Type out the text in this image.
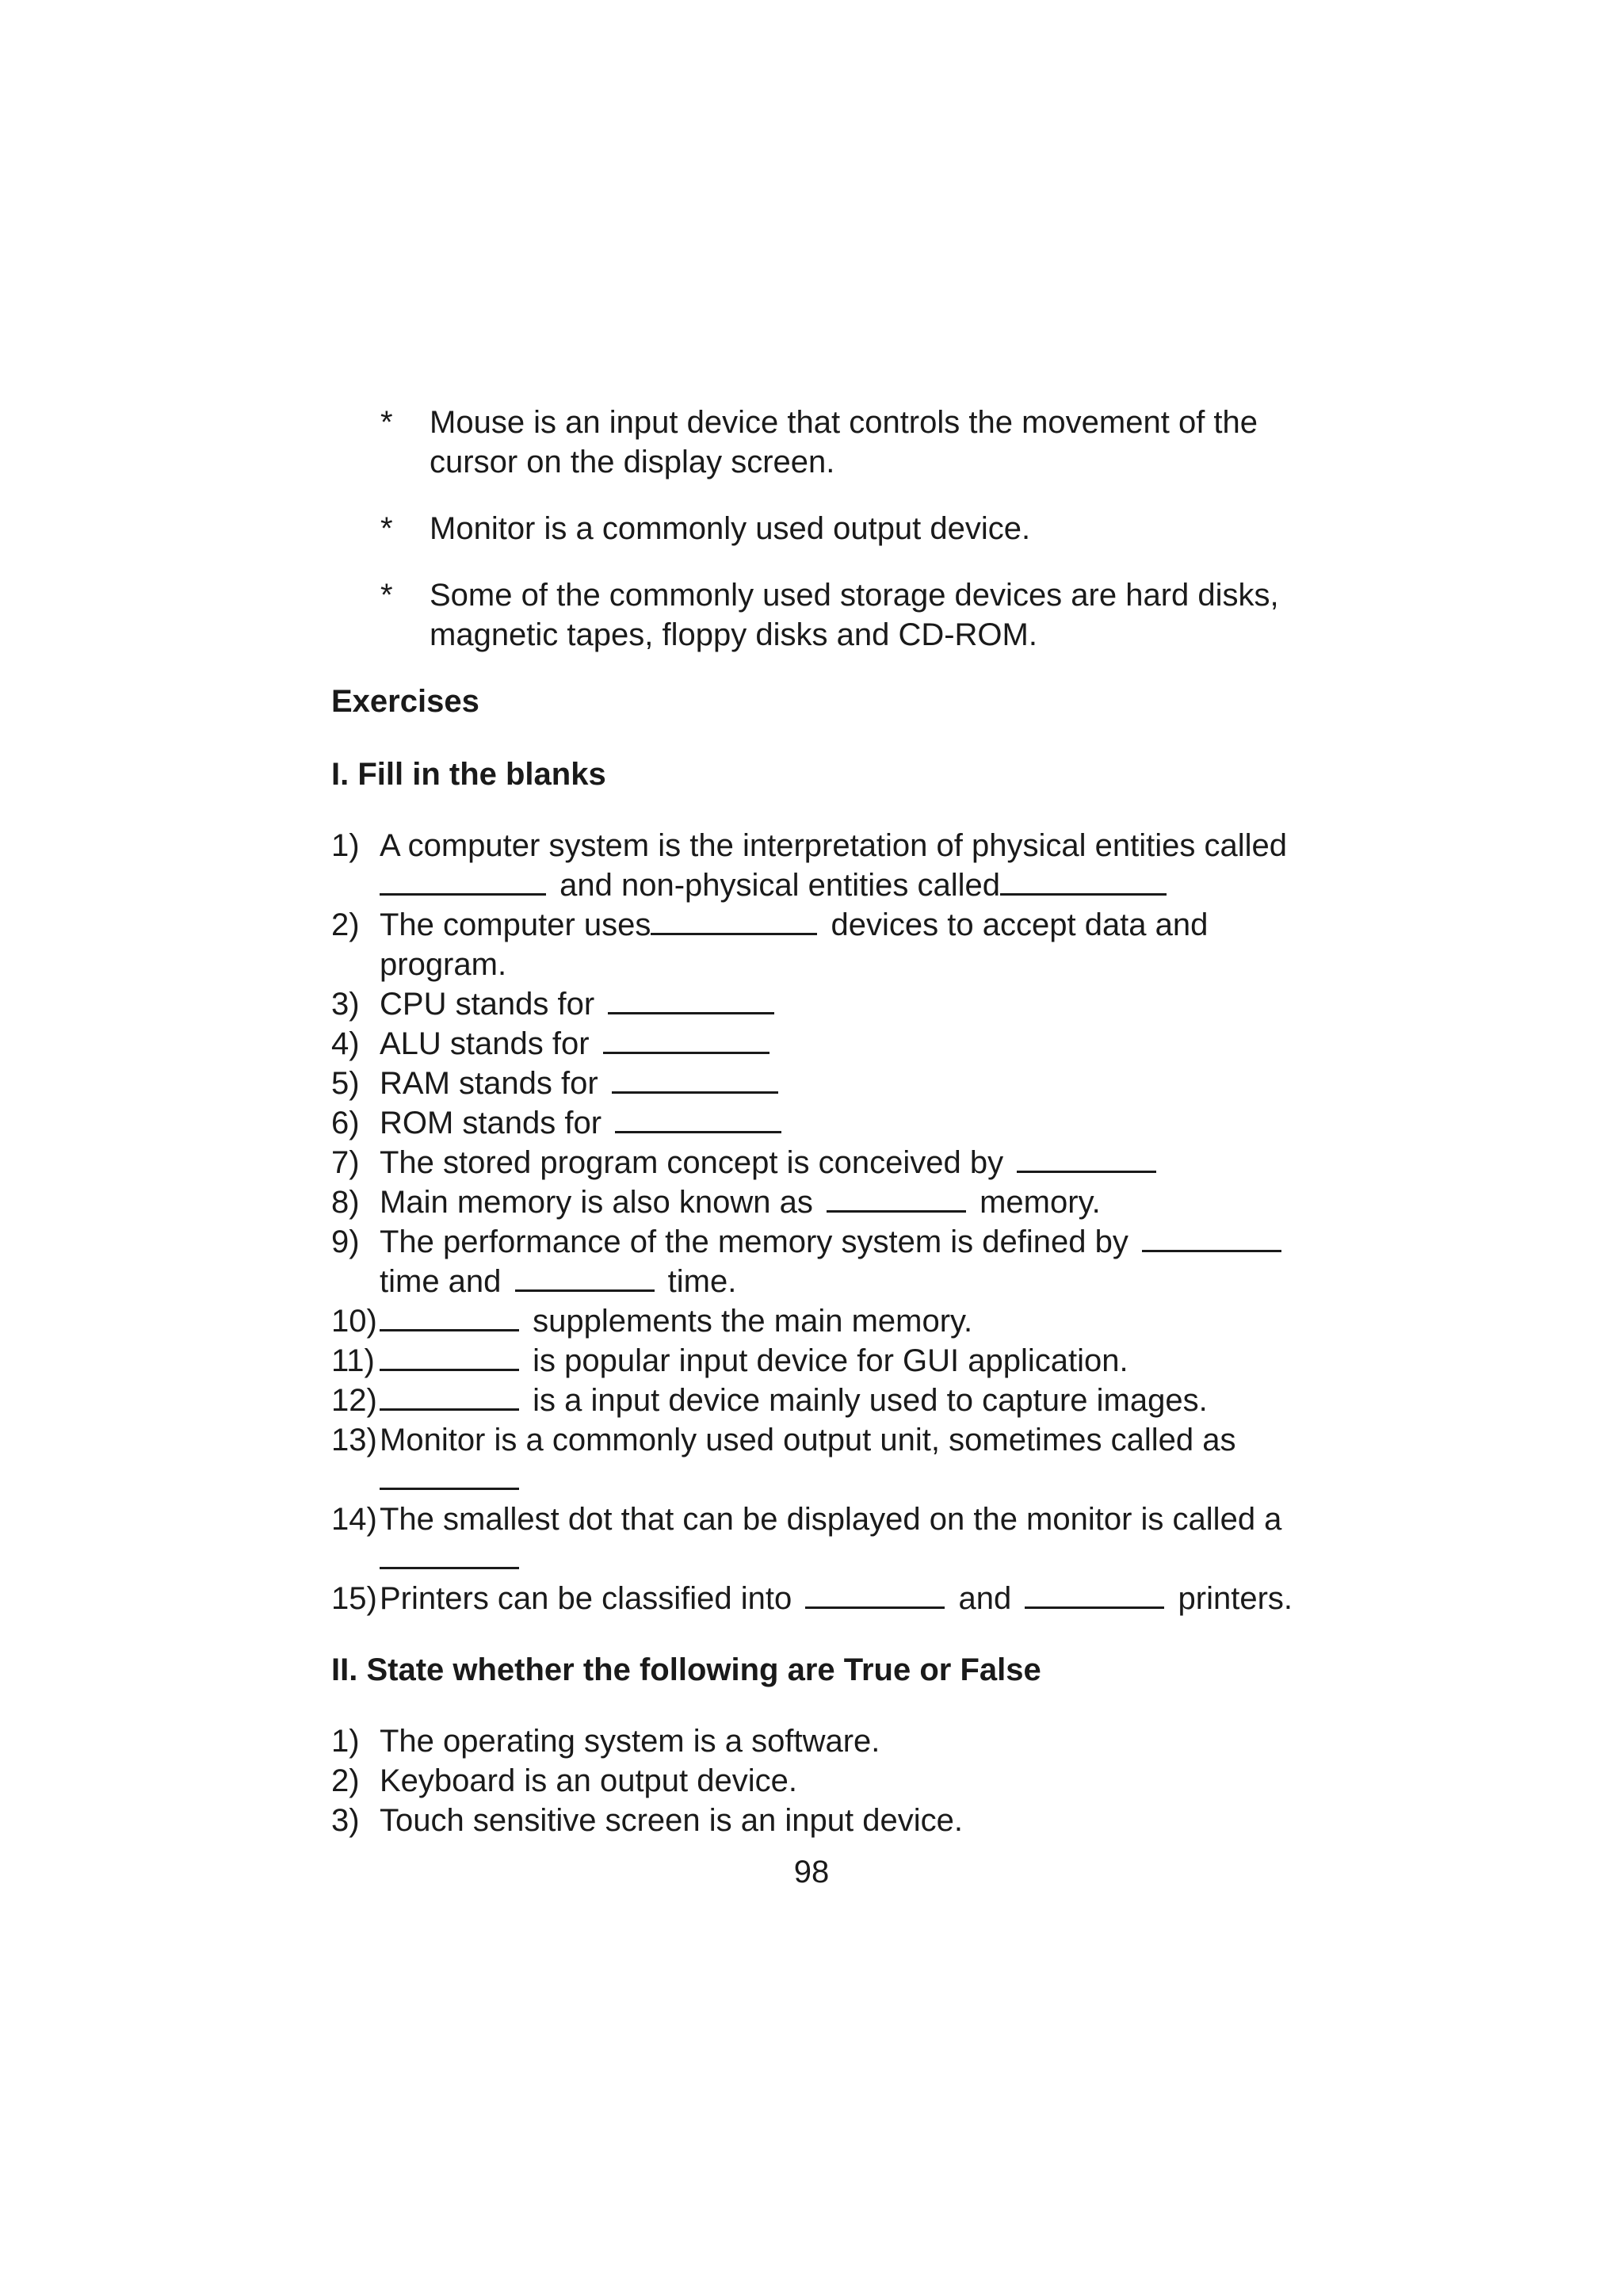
* Mouse is an input device that controls the movement of the cursor on the display screen.
* Monitor is a commonly used output device.
* Some of the commonly used storage devices are hard disks, magnetic tapes, floppy disks and CD-ROM.
Exercises
I. Fill in the blanks
1) A computer system is the interpretation of physical entities called
and non-physical entities called
2) The computer uses	devices to accept data and program.
3) CPU stands for
4) ALU stands for
5) RAM stands for
6) ROM stands for
7) The stored program concept is conceived by
8) Main memory is also known as	memory.
9) The performance of the memory system is defined by
time and	time.
10)	supplements the main memory.
11)	is popular input device for GUI application.
12)	is a input device mainly used to capture images.
13) Monitor is a commonly used output unit, sometimes called as

14) The smallest dot that can be displayed on the monitor is called a

15) Printers can be classified into	and	printers.
II. State whether the following are True or False
1) The operating system is a software.
2) Keyboard is an output device.
3) Touch sensitive screen is an input device.
98
